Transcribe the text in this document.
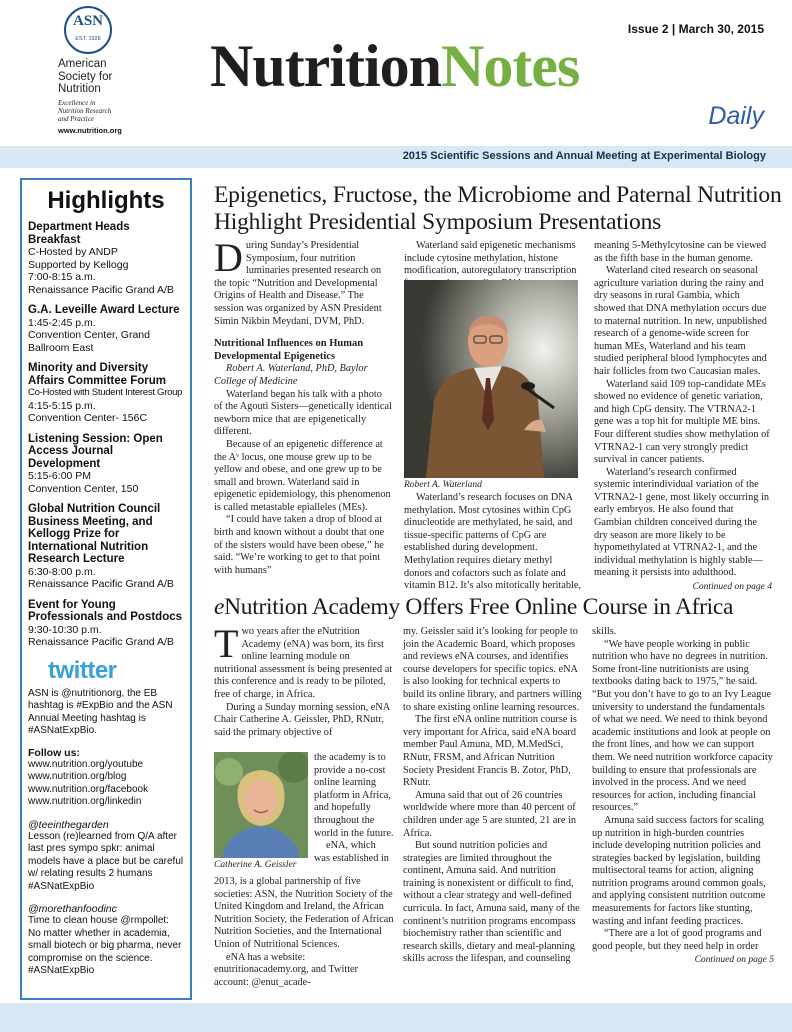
ASN
EST. 1928
American
Society for
Nutrition
Excellence in
Nutrition Research
and Practice
www.nutrition.org
Issue 2 | March 30, 2015
NutritionNotes
Daily
2015 Scientific Sessions and Annual Meeting at Experimental Biology
Highlights
Department Heads Breakfast
C-Hosted by ANDP
Supported by Kellogg
7:00-8:15 a.m.
Renaissance Pacific Grand A/B
G.A. Leveille Award Lecture
1:45-2:45 p.m.
Convention Center, Grand Ballroom East
Minority and Diversity Affairs Committee Forum
Co-Hosted with Student Interest Group
4:15-5:15 p.m.
Convention Center- 156C
Listening Session: Open Access Journal Development
5:15-6:00 PM
Convention Center, 150
Global Nutrition Council Business Meeting, and Kellogg Prize for International Nutrition Research Lecture
6:30-8:00 p.m.
Renaissance Pacific Grand A/B
Event for Young Professionals and Postdocs
9:30-10:30 p.m.
Renaissance Pacific Grand A/B
twitter
ASN is @nutritionorg, the EB hashtag is #ExpBio and the ASN Annual Meeting hashtag is #ASNatExpBio.
Follow us:
www.nutrition.org/youtube
www.nutrition.org/blog
www.nutrition.org/facebook
www.nutrition.org/linkedin
@teeinthegarden
Lesson (re)learned from Q/A after last pres sympo spkr: animal models have a place but be careful w/ relating results 2 humans #ASNatExpBio
@morethanfoodinc
Time to clean house @rmpollet: No matter whether in academia, small biotech or big pharma, never compromise on the science. #ASNatExpBio
Epigenetics, Fructose, the Microbiome and Paternal Nutrition Highlight Presidential Symposium Presentations

During Sunday’s Presidential Symposium, four nutrition luminaries presented research on the topic “Nutrition and Developmental Origins of Health and Disease.” The session was organized by ASN President Simin Nikbin Meydani, DVM, PhD.

Nutritional Influences on Human Developmental Epigenetics

Robert A. Waterland, PhD, Baylor College of Medicine

Waterland began his talk with a photo of the Agouti Sisters—genetically identical newborn mice that are epigenetically different.

Because of an epigenetic difference at the Aᵛ locus, one mouse grew up to be yellow and obese, and one grew up to be small and brown. Waterland said in epigenetic epidemiology, this phenomenon is called metastable epialleles (MEs).

“I could have taken a drop of blood at birth and known without a doubt that one of the sisters would have been obese,” he said. “We’re working to get to that point with humans”

Waterland said epigenetic mechanisms include cytosine methylation, histone modification, autoregulatory transcription

Robert A. Waterland

Waterland’s research focuses on DNA methylation. Most cytosines within CpG dinucleotide are methylated, he said, and tissue-specific patterns of CpG are established during development. Methylation requires dietary methyl donors and cofactors such as folate and vitamin B12. It’s also mitotically heritable,

meaning 5-Methylcytosine can be viewed as the fifth base in the human genome.

Waterland cited research on seasonal agriculture variation during the rainy and dry seasons in rural Gambia, which showed that DNA methylation occurs due to maternal nutrition. In new, unpublished research of a genome-wide screen for human MEs, Waterland and his team studied peripheral blood lymphocytes and hair follicles from two Caucasian males.

Waterland said 109 top-candidate MEs showed no evidence of genetic variation, and high CpG density. The VTRNA2-1 gene was a top hit for multiple ME bins. Four different studies show methylation of VTRNA2-1 can very strongly predict survival in cancer patients.

Waterland’s research confirmed systemic interindividual variation of the VTRNA2-1 gene, most likely occurring in early embryos. He also found that Gambian children conceived during the dry season are more likely to be hypomethylated at VTRNA2-1, and the individual methylation is highly stable—meaning it persists into adulthood.

Continued on page 4
eNutrition Academy Offers Free Online Course in Africa

Two years after the eNutrition Academy (eNA) was born, its first online learning module on nutritional assessment is being presented at this conference and is ready to be piloted, free of charge, in Africa.

During a Sunday morning session, eNA Chair Catherine A. Geissler, PhD, RNutr, said the primary objective of

Catherine A. Geissler

the academy is to provide a no-cost online learning platform in Africa, and hopefully throughout the world in the future.

eNA, which was established in

2013, is a global partnership of five societies: ASN, the Nutrition Society of the United Kingdom and Ireland, the African Nutrition Society, the Federation of African Nutrition Societies, and the International Union of Nutritional Sciences.

eNA has a website: enutritionacademy.org, and Twitter account: @enut_acade-

my. Geissler said it’s looking for people to join the Academic Board, which proposes and reviews eNA courses, and identifies course developers for specific topics. eNA is also looking for technical experts to build its online library, and partners willing to share existing online learning resources.

The first eNA online nutrition course is very important for Africa, said eNA board member Paul Amuna, MD, M.MedSci, RNutr, FRSM, and African Nutrition Society President Francis B. Zotor, PhD, RNutr.

Amuna said that out of 26 countries worldwide where more than 40 percent of children under age 5 are stunted, 21 are in Africa.

But sound nutrition policies and strategies are limited throughout the continent, Amuna said. And nutrition training is nonexistent or difficult to find, without a clear strategy and well-defined curricula. In fact, Amuna said, many of the continent’s nutrition programs encompass biochemistry rather than scientific and research skills, dietary and meal-planning skills across the lifespan, and counseling

skills.

“We have people working in public nutrition who have no degrees in nutrition. Some front-line nutritionists are using textbooks dating back to 1975,” he said. “But you don’t have to go to an Ivy League university to understand the fundamentals of what we need. We need to think beyond academic institutions and look at people on the front lines, and how we can support them. We need nutrition workforce capacity building to ensure that professionals are involved in the process. And we need resources for action, including financial resources.”

Amuna said success factors for scaling up nutrition in high-burden countries include developing nutrition policies and strategies backed by legislation, building multisectoral teams for action, aligning nutrition programs around common goals, and applying consistent nutrition outcome measurements for factors like stunting, wasting and infant feeding practices.

“There are a lot of good programs and good people, but they need help in order

Continued on page 5
